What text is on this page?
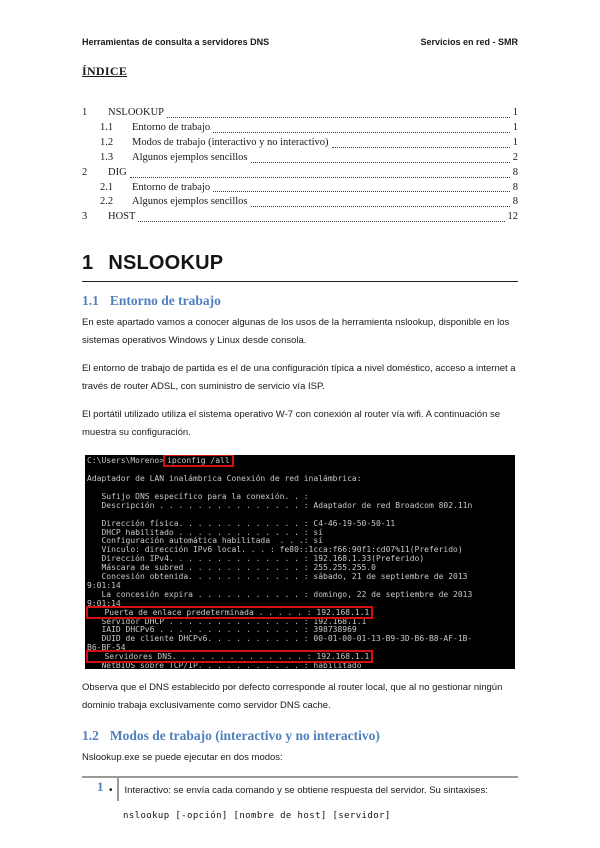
Herramientas de consulta a servidores DNS	Servicios en red - SMR
ÍNDICE
1	NSLOOKUP	1
1.1	Entorno de trabajo	1
1.2	Modos de trabajo (interactivo y no interactivo)	1
1.3	Algunos ejemplos sencillos	2
2	DIG	8
2.1	Entorno de trabajo	8
2.2	Algunos ejemplos sencillos	8
3	HOST	12
1 NSLOOKUP
1.1 Entorno de trabajo
En este apartado vamos a conocer algunas de los usos de la herramienta nslookup, disponible en los sistemas operativos Windows y Linux desde consola.
El entorno de trabajo de partida es el de una configuración típica a nivel doméstico, acceso a internet a través de router ADSL, con suministro de servicio vía ISP.
El portátil utilizado utiliza el sistema operativo W-7 con conexión al router vía wifi. A continuación se muestra su configuración.
C:\Users\Moreno> ipconfig /all

Adaptador de LAN inalámbrica Conexión de red inalámbrica:

Sufijo DNS específico para la conexión. . :
Descripción . . . . . . . . . . . . . . . : Adaptador de red Broadcom 802.11n

Dirección física. . . . . . . . . . . . . : C4-46-19-50-50-11
DHCP habilitado . . . . . . . . . . . . . : sí
Configuración automática habilitada  . . .: sí
Vínculo: dirección IPv6 local. . . : fe80::1cca:f66:90f1:cd07%11(Preferido)
Dirección IPv4. . . . . . . . . . . . . . : 192.168.1.33(Preferido)
Máscara de subred . . . . . . . . . . . . : 255.255.255.0
Concesión obtenida. . . . . . . . . . . . : sábado, 21 de septiembre de 2013
9:01:14
La concesión expira . . . . . . . . . . . : domingo, 22 de septiembre de 2013
9:01:14
Puerta de enlace predeterminada . . . . . : 192.168.1.1
Servidor DHCP . . . . . . . . . . . . . . : 192.168.1.1
IAID DHCPv6 . . . . . . . . . . . . . . . : 398738969
DUID de cliente DHCPv6. . . . . . . . . . : 00-01-00-01-13-B9-3D-B6-B8-AF-1B-
B6-BF-54
Servidores DNS. . . . . . . . . . . . . . : 192.168.1.1
NetBIOS sobre TCP/IP. . . . . . . . . . . : habilitado
Observa que el DNS establecido por defecto corresponde al router local, que al no gestionar ningún dominio trabaja exclusivamente como servidor DNS cache.
1.2 Modos de trabajo (interactivo y no interactivo)
Nslookup.exe se puede ejecutar en dos modos:
• Interactivo: se envía cada comando y se obtiene respuesta del servidor. Su sintaxises:
nslookup [-opción] [nombre de host] [servidor]
1
